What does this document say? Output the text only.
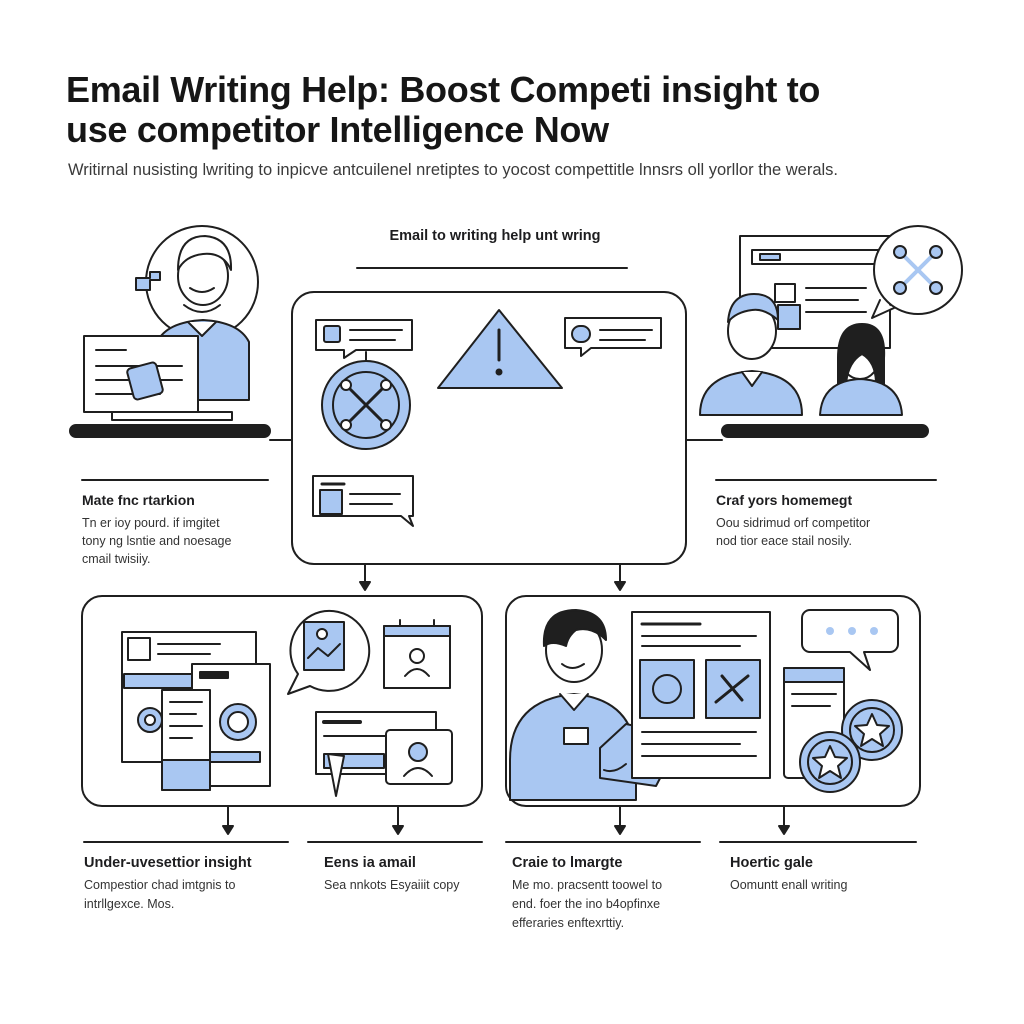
Email Writing Help: Boost Competi insight to
use competitor Intelligence Now
Writirnal nusisting lwriting to inpicve antcuilenel nretiptes to yocost compettitle lnnsrs oll yorllor the werals.
Email to writing help unt wring
Mate fnc rtarkion
Tn er ioy pourd. if imgitet
tony ng lsntie and noesage
cmail twisiiy.
Craf yors homemegt
Oou sidrimud orf competitor
nod tior eace stail nosily.
Under-uvesettior insight
Compestior chad imtgnis to
intrllgexce. Mos.
Eens ia amail
Sea nnkots Esyaiiit copy
Craie to lmargte
Me mo. pracsentt toowel to
end. foer the ino b4opfinxe
efferaries enftexrttiy.
Hoertic gale
Oomuntt enall writing
